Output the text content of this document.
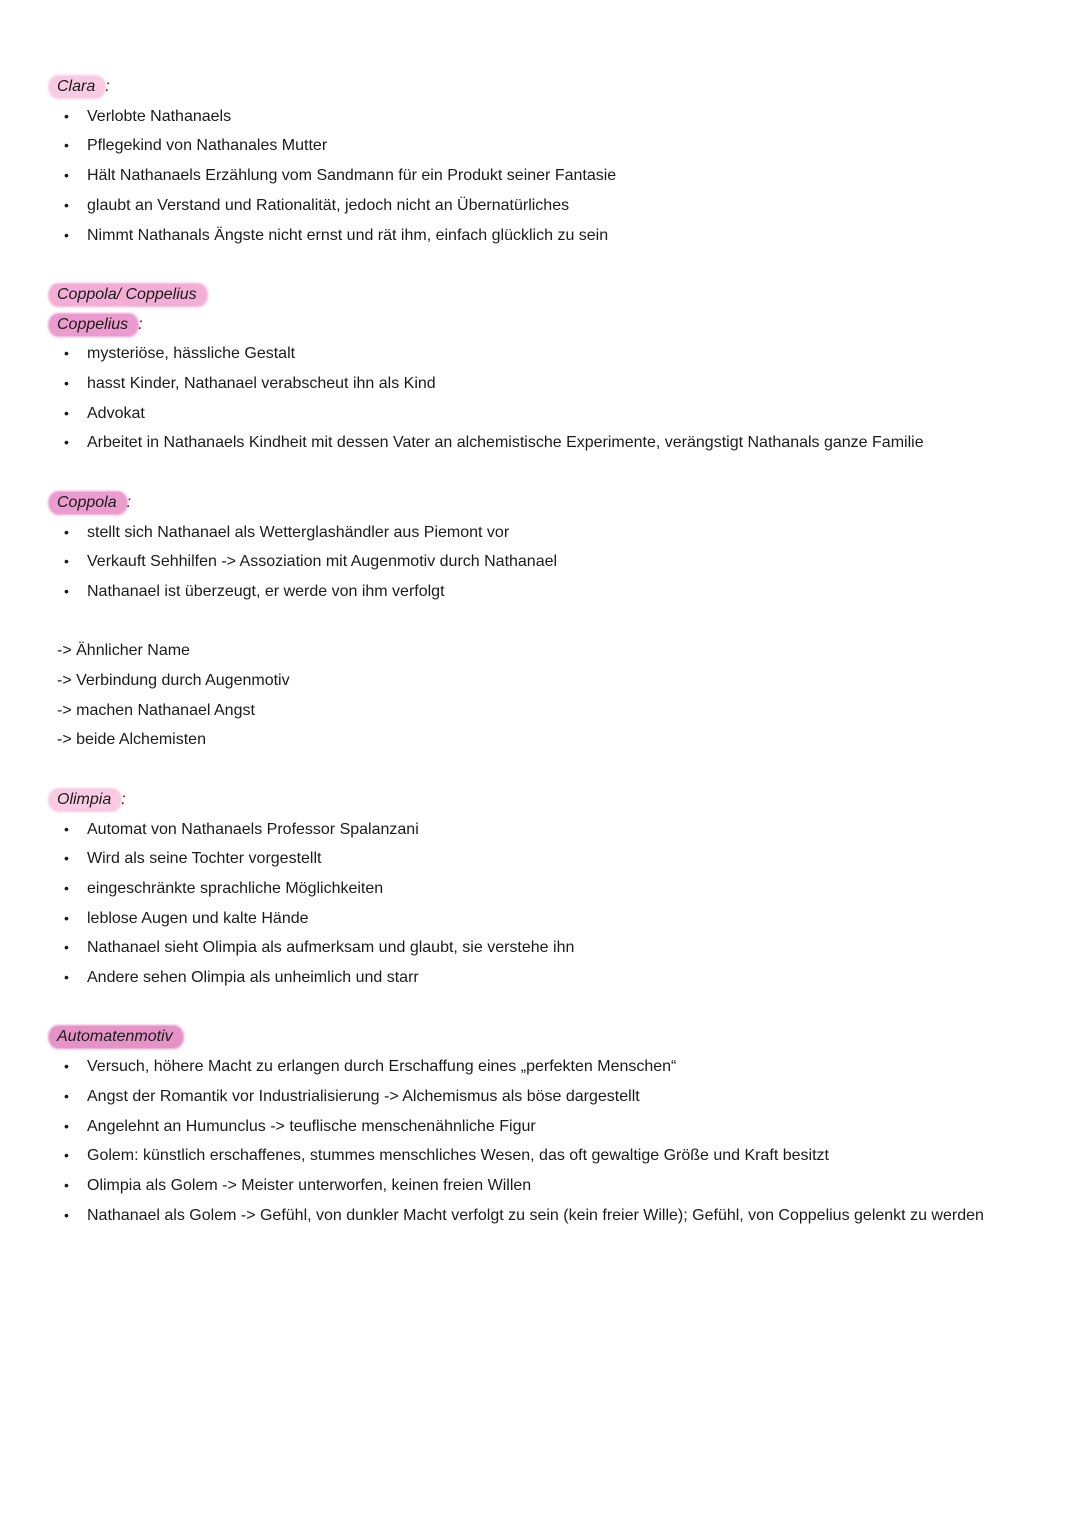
Clara :
• Verlobte Nathanaels
• Pflegekind von Nathanales Mutter
• Hält Nathanaels Erzählung vom Sandmann für ein Produkt seiner Fantasie
• glaubt an Verstand und Rationalität, jedoch nicht an Übernatürliches
• Nimmt Nathanals Ängste nicht ernst und rät ihm, einfach glücklich zu sein
Coppola/ Coppelius
Coppelius :
• mysteriöse, hässliche Gestalt
• hasst Kinder, Nathanael verabscheut ihn als Kind
• Advokat
• Arbeitet in Nathanaels Kindheit mit dessen Vater an alchemistische Experimente, verängstigt Nathanals ganze Familie
Coppola :
• stellt sich Nathanael als Wetterglashändler aus Piemont vor
• Verkauft Sehhilfen -> Assoziation mit Augenmotiv durch Nathanael
• Nathanael ist überzeugt, er werde von ihm verfolgt
-> Ähnlicher Name
-> Verbindung durch Augenmotiv
-> machen Nathanael Angst
-> beide Alchemisten
Olimpia :
• Automat von Nathanaels Professor Spalanzani
• Wird als seine Tochter vorgestellt
• eingeschränkte sprachliche Möglichkeiten
• leblose Augen und kalte Hände
• Nathanael sieht Olimpia als aufmerksam und glaubt, sie verstehe ihn
• Andere sehen Olimpia als unheimlich und starr
Automatenmotiv
• Versuch, höhere Macht zu erlangen durch Erschaffung eines „perfekten Menschen“
• Angst der Romantik vor Industrialisierung -> Alchemismus als böse dargestellt
• Angelehnt an Humunclus -> teuflische menschenähnliche Figur
• Golem: künstlich erschaffenes, stummes menschliches Wesen, das oft gewaltige Größe und Kraft besitzt
• Olimpia als Golem -> Meister unterworfen, keinen freien Willen
• Nathanael als Golem -> Gefühl, von dunkler Macht verfolgt zu sein (kein freier Wille); Gefühl, von Coppelius gelenkt zu werden
